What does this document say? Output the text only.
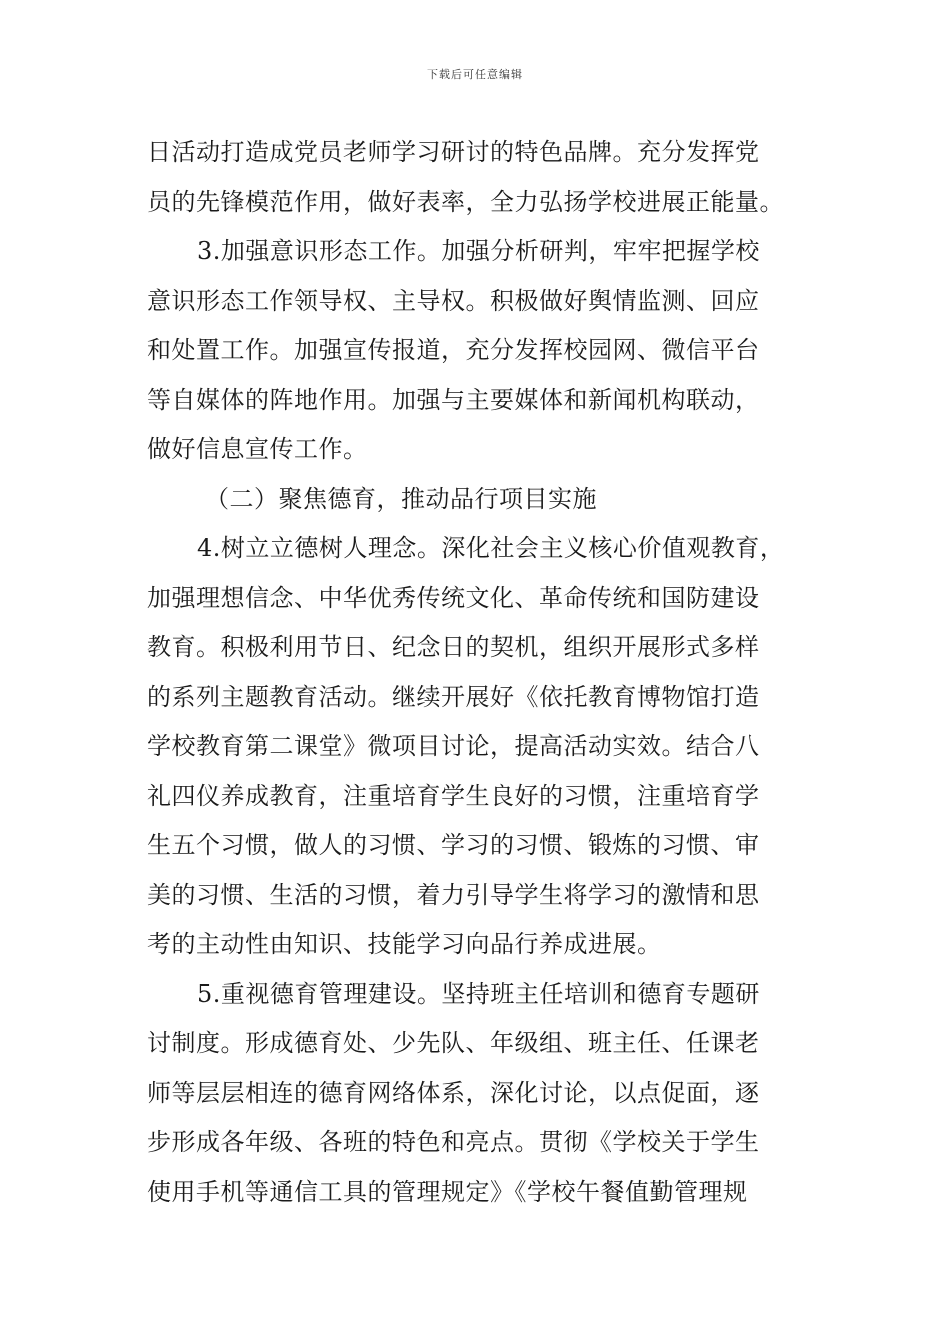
下载后可任意编辑

日活动打造成党员老师学习研讨的特色品牌。充分发挥党
员的先锋模范作用，做好表率，全力弘扬学校进展正能量。

3.加强意识形态工作。加强分析研判，牢牢把握学校
意识形态工作领导权、主导权。积极做好舆情监测、回应
和处置工作。加强宣传报道，充分发挥校园网、微信平台
等自媒体的阵地作用。加强与主要媒体和新闻机构联动，
做好信息宣传工作。

（二）聚焦德育，推动品行项目实施

4.树立立德树人理念。深化社会主义核心价值观教育，
加强理想信念、中华优秀传统文化、革命传统和国防建设
教育。积极利用节日、纪念日的契机，组织开展形式多样
的系列主题教育活动。继续开展好《依托教育博物馆打造
学校教育第二课堂》微项目讨论，提高活动实效。结合八
礼四仪养成教育，注重培育学生良好的习惯，注重培育学
生五个习惯，做人的习惯、学习的习惯、锻炼的习惯、审
美的习惯、生活的习惯，着力引导学生将学习的激情和思
考的主动性由知识、技能学习向品行养成进展。

5.重视德育管理建设。坚持班主任培训和德育专题研
讨制度。形成德育处、少先队、年级组、班主任、任课老
师等层层相连的德育网络体系，深化讨论，以点促面，逐
步形成各年级、各班的特色和亮点。贯彻《学校关于学生
使用手机等通信工具的管理规定》《学校午餐值勤管理规
